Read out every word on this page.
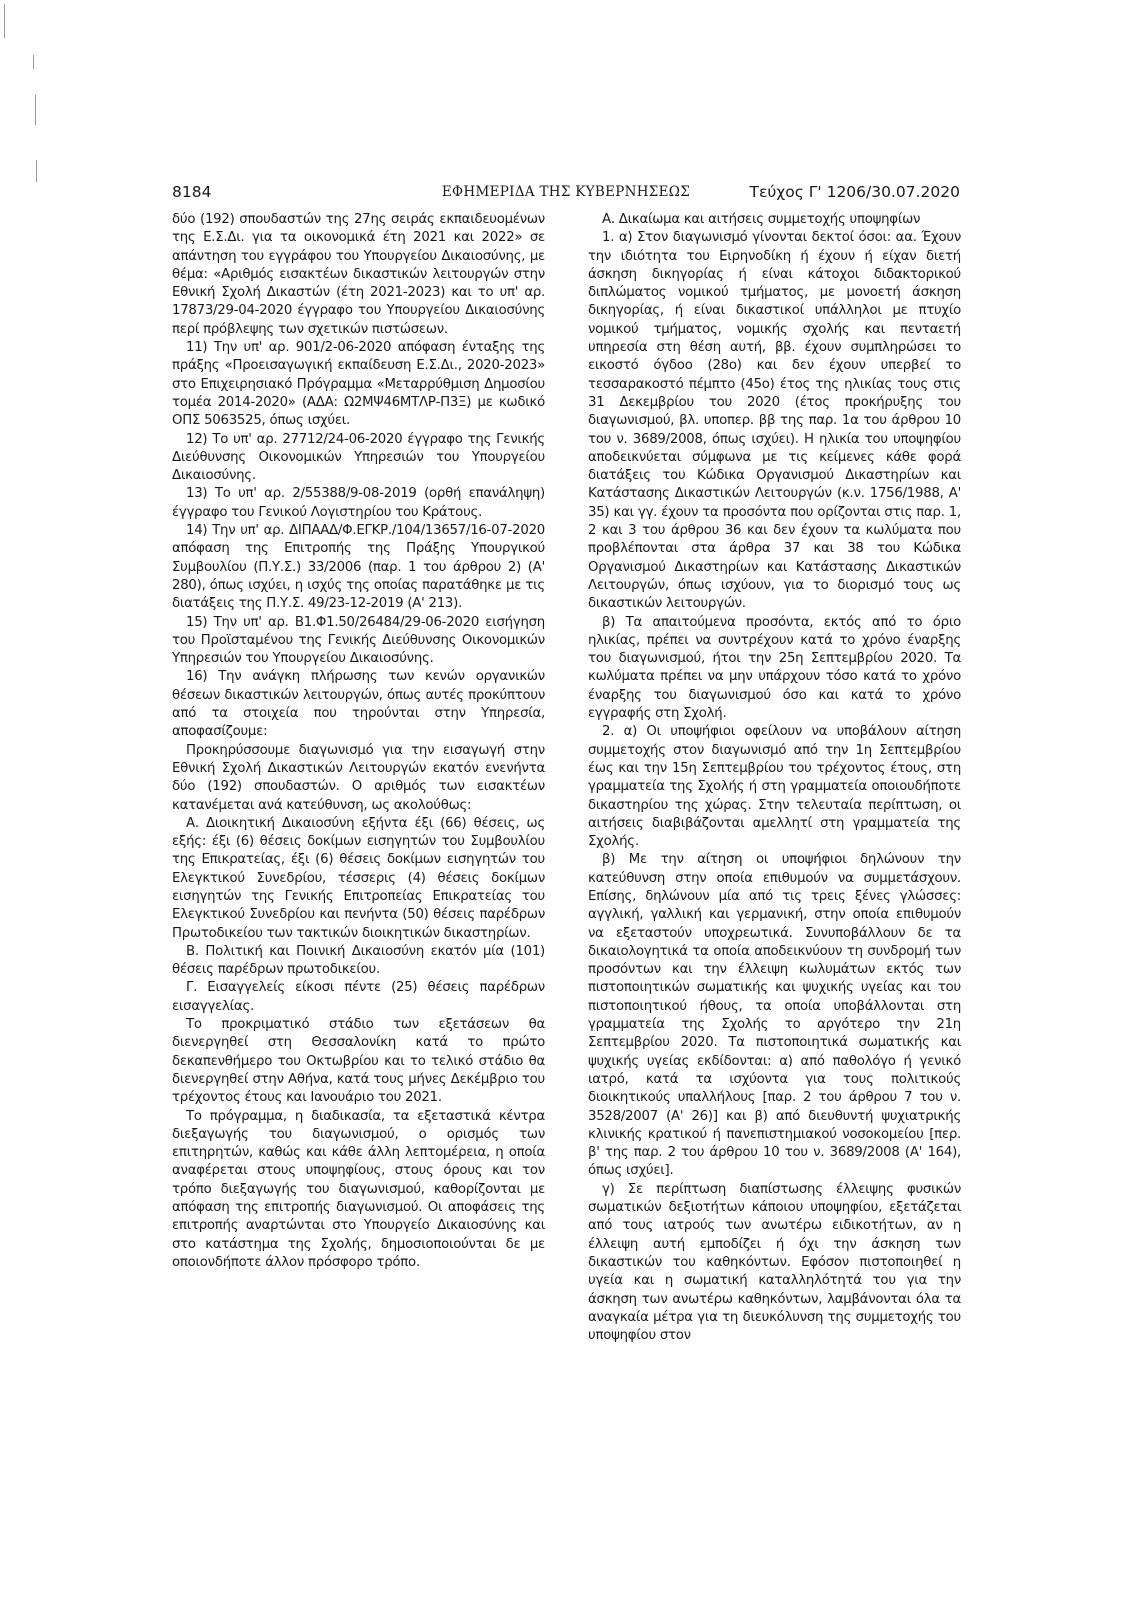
8184	ΕΦΗΜΕΡΙΔΑ ΤΗΣ ΚΥΒΕΡΝΗΣΕΩΣ	Τεύχος Γ' 1206/30.07.2020

δύο (192) σπουδαστών της 27ης σειράς εκπαιδευομένων της Ε.Σ.Δι. για τα οικονομικά έτη 2021 και 2022» σε απάντηση του εγγράφου του Υπουργείου Δικαιοσύνης, με θέμα: «Αριθμός εισακτέων δικαστικών λειτουργών στην Εθνική Σχολή Δικαστών (έτη 2021-2023) και το υπ' αρ. 17873/29-04-2020 έγγραφο του Υπουργείου Δικαιοσύνης περί πρόβλεψης των σχετικών πιστώσεων.

11) Την υπ' αρ. 901/2-06-2020 απόφαση ένταξης της πράξης «Προεισαγωγική εκπαίδευση Ε.Σ.Δι., 2020-2023» στο Επιχειρησιακό Πρόγραμμα «Μεταρρύθμιση Δημοσίου τομέα 2014-2020» (ΑΔΑ: Ω2ΜΨ46ΜΤΛΡ-Π3Ξ) με κωδικό ΟΠΣ 5063525, όπως ισχύει.

12) Το υπ' αρ. 27712/24-06-2020 έγγραφο της Γενικής Διεύθυνσης Οικονομικών Υπηρεσιών του Υπουργείου Δικαιοσύνης.

13) Το υπ' αρ. 2/55388/9-08-2019 (ορθή επανάληψη) έγγραφο του Γενικού Λογιστηρίου του Κράτους.

14) Την υπ' αρ. ΔΙΠΑΑΔ/Φ.ΕΓΚΡ./104/13657/16-07-2020 απόφαση της Επιτροπής της Πράξης Υπουργικού Συμβουλίου (Π.Υ.Σ.) 33/2006 (παρ. 1 του άρθρου 2) (Α' 280), όπως ισχύει, η ισχύς της οποίας παρατάθηκε με τις διατάξεις της Π.Υ.Σ. 49/23-12-2019 (Α' 213).

15) Την υπ' αρ. Β1.Φ1.50/26484/29-06-2020 εισήγηση του Προϊσταμένου της Γενικής Διεύθυνσης Οικονομικών Υπηρεσιών του Υπουργείου Δικαιοσύνης.

16) Την ανάγκη πλήρωσης των κενών οργανικών θέσεων δικαστικών λειτουργών, όπως αυτές προκύπτουν από τα στοιχεία που τηρούνται στην Υπηρεσία, αποφασίζουμε:

Προκηρύσσουμε διαγωνισμό για την εισαγωγή στην Εθνική Σχολή Δικαστικών Λειτουργών εκατόν ενενήντα δύο (192) σπουδαστών. Ο αριθμός των εισακτέων κατανέμεται ανά κατεύθυνση, ως ακολούθως:

Α. Διοικητική Δικαιοσύνη εξήντα έξι (66) θέσεις, ως εξής: έξι (6) θέσεις δοκίμων εισηγητών του Συμβουλίου της Επικρατείας, έξι (6) θέσεις δοκίμων εισηγητών του Ελεγκτικού Συνεδρίου, τέσσερις (4) θέσεις δοκίμων εισηγητών της Γενικής Επιτροπείας Επικρατείας του Ελεγκτικού Συνεδρίου και πενήντα (50) θέσεις παρέδρων Πρωτοδικείου των τακτικών διοικητικών δικαστηρίων.

Β. Πολιτική και Ποινική Δικαιοσύνη εκατόν μία (101) θέσεις παρέδρων πρωτοδικείου.

Γ. Εισαγγελείς είκοσι πέντε (25) θέσεις παρέδρων εισαγγελίας.

Το προκριματικό στάδιο των εξετάσεων θα διενεργηθεί στη Θεσσαλονίκη κατά το πρώτο δεκαπενθήμερο του Οκτωβρίου και το τελικό στάδιο θα διενεργηθεί στην Αθήνα, κατά τους μήνες Δεκέμβριο του τρέχοντος έτους και Ιανουάριο του 2021.

Το πρόγραμμα, η διαδικασία, τα εξεταστικά κέντρα διεξαγωγής του διαγωνισμού, ο ορισμός των επιτηρητών, καθώς και κάθε άλλη λεπτομέρεια, η οποία αναφέρεται στους υποψηφίους, στους όρους και τον τρόπο διεξαγωγής του διαγωνισμού, καθορίζονται με απόφαση της επιτροπής διαγωνισμού. Οι αποφάσεις της επιτροπής αναρτώνται στο Υπουργείο Δικαιοσύνης και στο κατάστημα της Σχολής, δημοσιοποιούνται δε με οποιονδήποτε άλλον πρόσφορο τρόπο.

Α. Δικαίωμα και αιτήσεις συμμετοχής υποψηφίων

1. α) Στον διαγωνισμό γίνονται δεκτοί όσοι: αα. Έχουν την ιδιότητα του Ειρηνοδίκη ή έχουν ή είχαν διετή άσκηση δικηγορίας ή είναι κάτοχοι διδακτορικού διπλώματος νομικού τμήματος, με μονοετή άσκηση δικηγορίας, ή είναι δικαστικοί υπάλληλοι με πτυχίο νομικού τμήματος, νομικής σχολής και πενταετή υπηρεσία στη θέση αυτή, ββ. έχουν συμπληρώσει το εικοστό όγδοο (28ο) και δεν έχουν υπερβεί το τεσσαρακοστό πέμπτο (45ο) έτος της ηλικίας τους στις 31 Δεκεμβρίου του 2020 (έτος προκήρυξης του διαγωνισμού, βλ. υποπερ. ββ της παρ. 1α του άρθρου 10 του ν. 3689/2008, όπως ισχύει). Η ηλικία του υποψηφίου αποδεικνύεται σύμφωνα με τις κείμενες κάθε φορά διατάξεις του Κώδικα Οργανισμού Δικαστηρίων και Κατάστασης Δικαστικών Λειτουργών (κ.ν. 1756/1988, Α' 35) και γγ. έχουν τα προσόντα που ορίζονται στις παρ. 1, 2 και 3 του άρθρου 36 και δεν έχουν τα κωλύματα που προβλέπονται στα άρθρα 37 και 38 του Κώδικα Οργανισμού Δικαστηρίων και Κατάστασης Δικαστικών Λειτουργών, όπως ισχύουν, για το διορισμό τους ως δικαστικών λειτουργών.

β) Τα απαιτούμενα προσόντα, εκτός από το όριο ηλικίας, πρέπει να συντρέχουν κατά το χρόνο έναρξης του διαγωνισμού, ήτοι την 25η Σεπτεμβρίου 2020. Τα κωλύματα πρέπει να μην υπάρχουν τόσο κατά το χρόνο έναρξης του διαγωνισμού όσο και κατά το χρόνο εγγραφής στη Σχολή.

2. α) Οι υποψήφιοι οφείλουν να υποβάλουν αίτηση συμμετοχής στον διαγωνισμό από την 1η Σεπτεμβρίου έως και την 15η Σεπτεμβρίου του τρέχοντος έτους, στη γραμματεία της Σχολής ή στη γραμματεία οποιουδήποτε δικαστηρίου της χώρας. Στην τελευταία περίπτωση, οι αιτήσεις διαβιβάζονται αμελλητί στη γραμματεία της Σχολής.

β) Με την αίτηση οι υποψήφιοι δηλώνουν την κατεύθυνση στην οποία επιθυμούν να συμμετάσχουν. Επίσης, δηλώνουν μία από τις τρεις ξένες γλώσσες: αγγλική, γαλλική και γερμανική, στην οποία επιθυμούν να εξεταστούν υποχρεωτικά. Συνυποβάλλουν δε τα δικαιολογητικά τα οποία αποδεικνύουν τη συνδρομή των προσόντων και την έλλειψη κωλυμάτων εκτός των πιστοποιητικών σωματικής και ψυχικής υγείας και του πιστοποιητικού ήθους, τα οποία υποβάλλονται στη γραμματεία της Σχολής το αργότερο την 21η Σεπτεμβρίου 2020. Τα πιστοποιητικά σωματικής και ψυχικής υγείας εκδίδονται: α) από παθολόγο ή γενικό ιατρό, κατά τα ισχύοντα για τους πολιτικούς διοικητικούς υπαλλήλους [παρ. 2 του άρθρου 7 του ν. 3528/2007 (Α' 26)] και β) από διευθυντή ψυχιατρικής κλινικής κρατικού ή πανεπιστημιακού νοσοκομείου [περ. β' της παρ. 2 του άρθρου 10 του ν. 3689/2008 (Α' 164), όπως ισχύει].

γ) Σε περίπτωση διαπίστωσης έλλειψης φυσικών σωματικών δεξιοτήτων κάποιου υποψηφίου, εξετάζεται από τους ιατρούς των ανωτέρω ειδικοτήτων, αν η έλλειψη αυτή εμποδίζει ή όχι την άσκηση των δικαστικών του καθηκόντων. Εφόσον πιστοποιηθεί η υγεία και η σωματική καταλληλότητά του για την άσκηση των ανωτέρω καθηκόντων, λαμβάνονται όλα τα αναγκαία μέτρα για τη διευκόλυνση της συμμετοχής του υποψηφίου στον
